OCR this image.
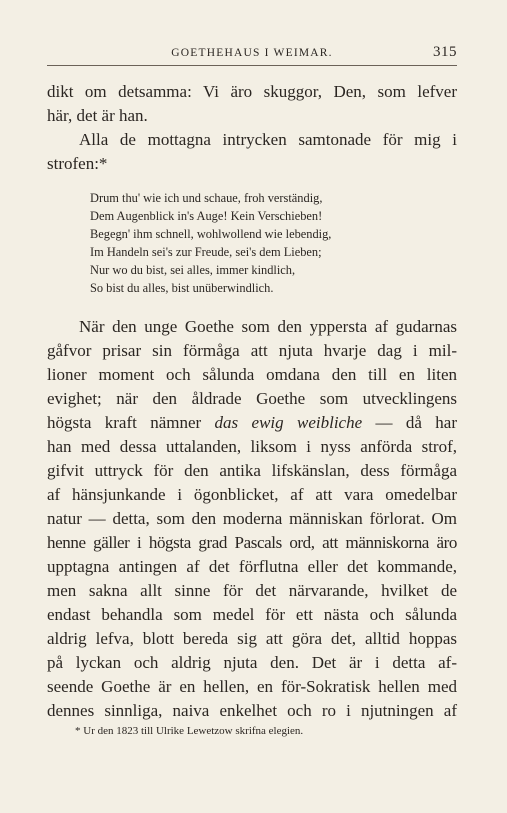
GOETHEHAUS I WEIMAR.	315
dikt om detsamma: Vi äro skuggor, Den, som lefver
här, det är han.
Alla de mottagna intrycken samtonade för mig i
strofen:*
Drum thu' wie ich und schaue, froh verständig,
Dem Augenblick in's Auge! Kein Verschieben!
Begegn' ihm schnell, wohlwollend wie lebendig,
Im Handeln sei's zur Freude, sei's dem Lieben;
Nur wo du bist, sei alles, immer kindlich,
So bist du alles, bist unüberwindlich.
När den unge Goethe som den yppersta af gudarnas
gåfvor prisar sin förmåga att njuta hvarje dag i mil-
lioner moment och sålunda omdana den till en liten
evighet; när den åldrade Goethe som utvecklingens
högsta kraft nämner das ewig weibliche — då har
han med dessa uttalanden, liksom i nyss anförda strof,
gifvit uttryck för den antika lifskänslan, dess förmåga
af hänsjunkande i ögonblicket, af att vara omedelbar
natur — detta, som den moderna människan förlorat. Om
henne gäller i högsta grad Pascals ord, att människorna äro
upptagna antingen af det förflutna eller det kommande,
men sakna allt sinne för det närvarande, hvilket de
endast behandla som medel för ett nästa och sålunda
aldrig lefva, blott bereda sig att göra det, alltid hoppas
på lyckan och aldrig njuta den. Det är i detta af-
seende Goethe är en hellen, en för-Sokratisk hellen med
dennes sinnliga, naiva enkelhet och ro i njutningen af
* Ur den 1823 till Ulrike Lewetzow skrifna elegien.
